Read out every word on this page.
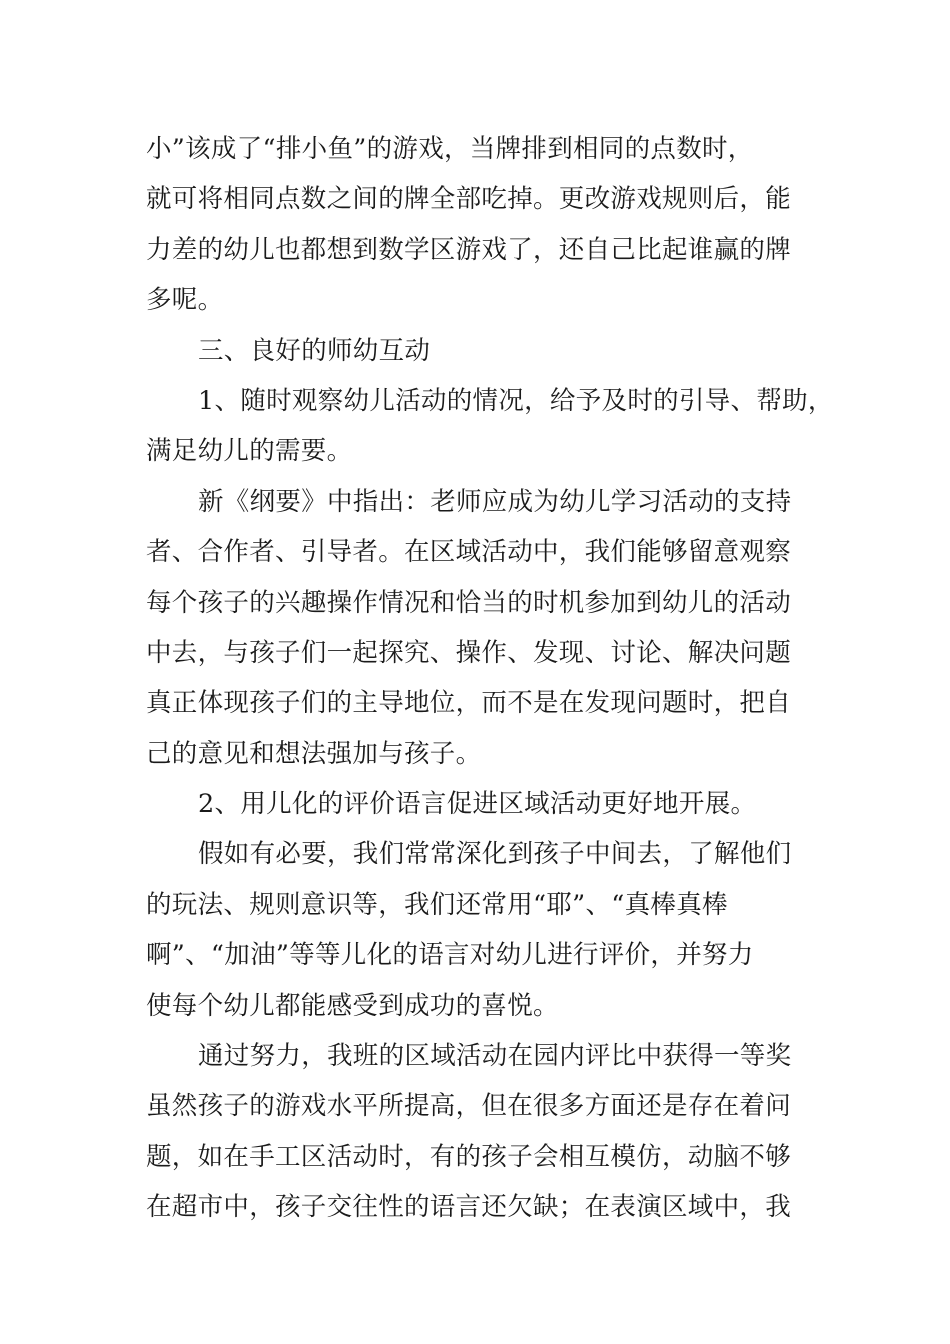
小”该成了“排小鱼”的游戏，当牌排到相同的点数时，
就可将相同点数之间的牌全部吃掉。更改游戏规则后，能
力差的幼儿也都想到数学区游戏了，还自己比起谁赢的牌
多呢。
三、良好的师幼互动
1、随时观察幼儿活动的情况，给予及时的引导、帮助，
满足幼儿的需要。
新《纲要》中指出：老师应成为幼儿学习活动的支持
者、合作者、引导者。在区域活动中，我们能够留意观察
每个孩子的兴趣操作情况和恰当的时机参加到幼儿的活动
中去，与孩子们一起探究、操作、发现、讨论、解决问题
真正体现孩子们的主导地位，而不是在发现问题时，把自
己的意见和想法强加与孩子。
2、用儿化的评价语言促进区域活动更好地开展。
假如有必要，我们常常深化到孩子中间去，了解他们
的玩法、规则意识等，我们还常用“耶”、“真棒真棒
啊”、“加油”等等儿化的语言对幼儿进行评价，并努力
使每个幼儿都能感受到成功的喜悦。
通过努力，我班的区域活动在园内评比中获得一等奖
虽然孩子的游戏水平所提高，但在很多方面还是存在着问
题，如在手工区活动时，有的孩子会相互模仿，动脑不够
在超市中，孩子交往性的语言还欠缺；在表演区域中，我
